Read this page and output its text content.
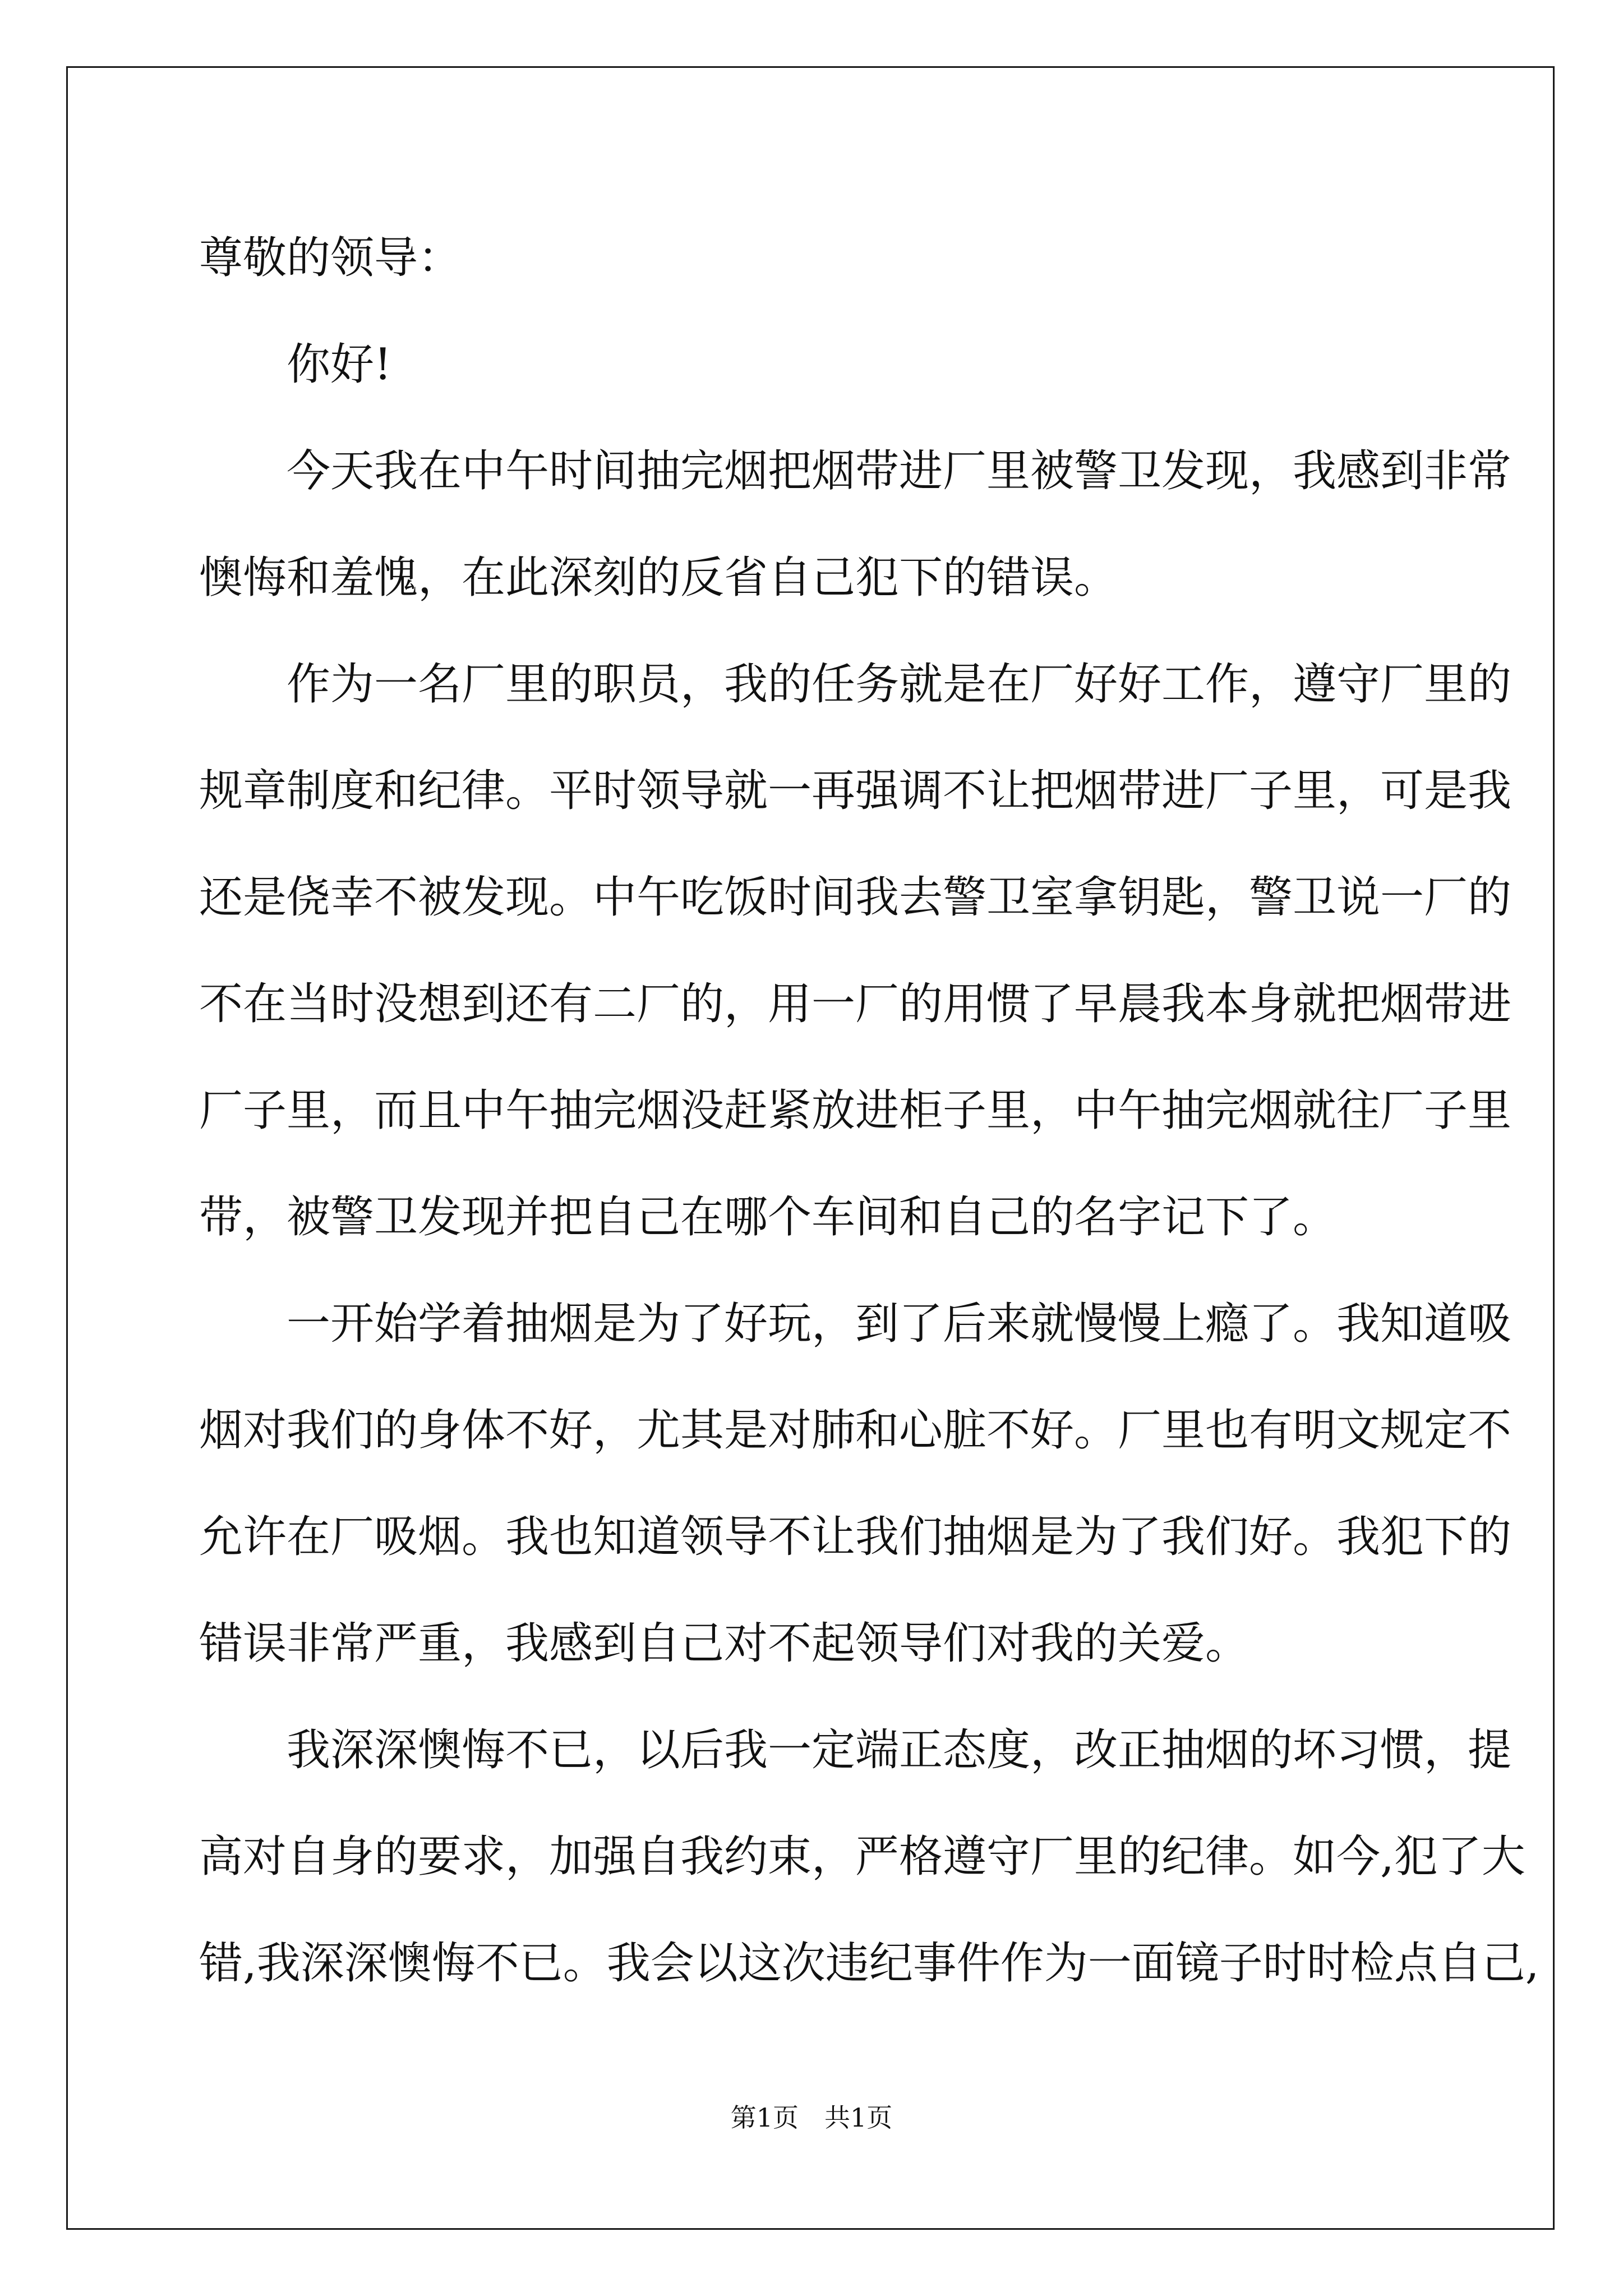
尊敬的领导：
你好!
今天我在中午时间抽完烟把烟带进厂里被警卫发现，我感到非常
懊悔和羞愧，在此深刻的反省自己犯下的错误。
作为一名厂里的职员，我的任务就是在厂好好工作，遵守厂里的
规章制度和纪律。平时领导就一再强调不让把烟带进厂子里，可是我
还是侥幸不被发现。中午吃饭时间我去警卫室拿钥匙，警卫说一厂的
不在当时没想到还有二厂的，用一厂的用惯了早晨我本身就把烟带进
厂子里，而且中午抽完烟没赶紧放进柜子里，中午抽完烟就往厂子里
带，被警卫发现并把自己在哪个车间和自己的名字记下了。
一开始学着抽烟是为了好玩，到了后来就慢慢上瘾了。我知道吸
烟对我们的身体不好，尤其是对肺和心脏不好。厂里也有明文规定不
允许在厂吸烟。我也知道领导不让我们抽烟是为了我们好。我犯下的
错误非常严重，我感到自己对不起领导们对我的关爱。
我深深懊悔不已，以后我一定端正态度，改正抽烟的坏习惯，提
高对自身的要求，加强自我约束，严格遵守厂里的纪律。如今,犯了大
错,我深深懊悔不已。我会以这次违纪事件作为一面镜子时时检点自己,
第1页　共1页
